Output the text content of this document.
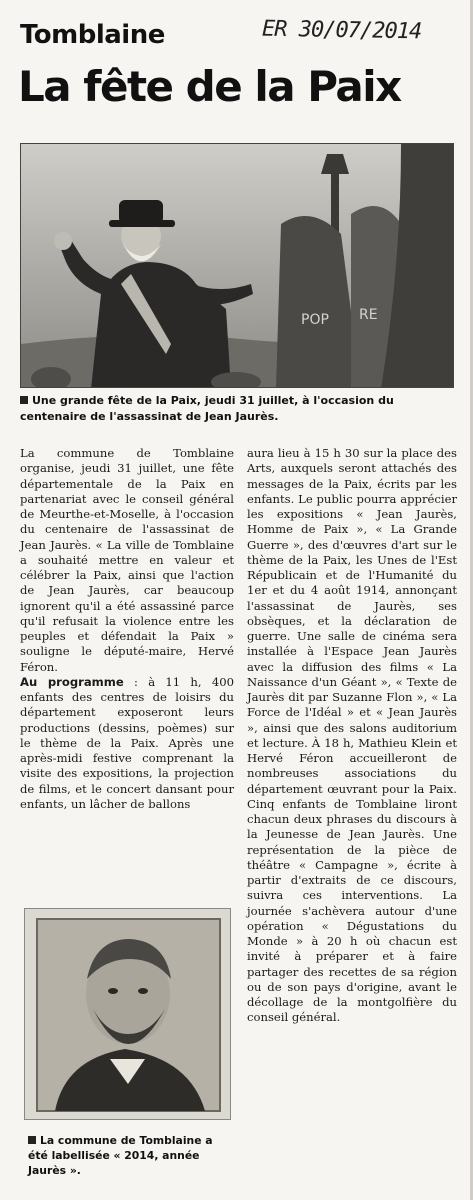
Tomblaine	ER 30/07/2014
La fête de la Paix
POP RE
Une grande fête de la Paix, jeudi 31 juillet, à l'occasion du centenaire de l'assassinat de Jean Jaurès.

La commune de Tomblaine organise, jeudi 31 juillet, une fête départementale de la Paix en partenariat avec le conseil général de Meurthe-et-Moselle, à l'occasion du centenaire de l'assassinat de Jean Jaurès. « La ville de Tomblaine a souhaité mettre en valeur et célébrer la Paix, ainsi que l'action de Jean Jaurès, car beaucoup ignorent qu'il a été assassiné parce qu'il refusait la violence entre les peuples et défendait la Paix » souligne le député-maire, Hervé Féron.

Au programme : à 11 h, 400 enfants des centres de loisirs du département exposeront leurs productions (dessins, poèmes) sur le thème de la Paix. Après une après-midi festive comprenant la visite des expositions, la projection de films, et le concert dansant pour enfants, un lâcher de ballons

La commune de Tomblaine a été labellisée « 2014, année Jaurès ».

aura lieu à 15 h 30 sur la place des Arts, auxquels seront attachés des messages de la Paix, écrits par les enfants. Le public pourra apprécier les expositions « Jean Jaurès, Homme de Paix », « La Grande Guerre », des d'œuvres d'art sur le thème de la Paix, les Unes de l'Est Républicain et de l'Humanité du 1er et du 4 août 1914, annonçant l'assassinat de Jaurès, ses obsèques, et la déclaration de guerre. Une salle de cinéma sera installée à l'Espace Jean Jaurès avec la diffusion des films « La Naissance d'un Géant », « Texte de Jaurès dit par Suzanne Flon », « La Force de l'Idéal » et « Jean Jaurès », ainsi que des salons auditorium et lecture. À 18 h, Mathieu Klein et Hervé Féron accueilleront de nombreuses associations du département œuvrant pour la Paix. Cinq enfants de Tomblaine liront chacun deux phrases du discours à la Jeunesse de Jean Jaurès. Une représentation de la pièce de théâtre « Campagne », écrite à partir d'extraits de ce discours, suivra ces interventions. La journée s'achèvera autour d'une opération « Dégustations du Monde » à 20 h où chacun est invité à préparer et à faire partager des recettes de sa région ou de son pays d'origine, avant le décollage de la montgolfière du conseil général.
